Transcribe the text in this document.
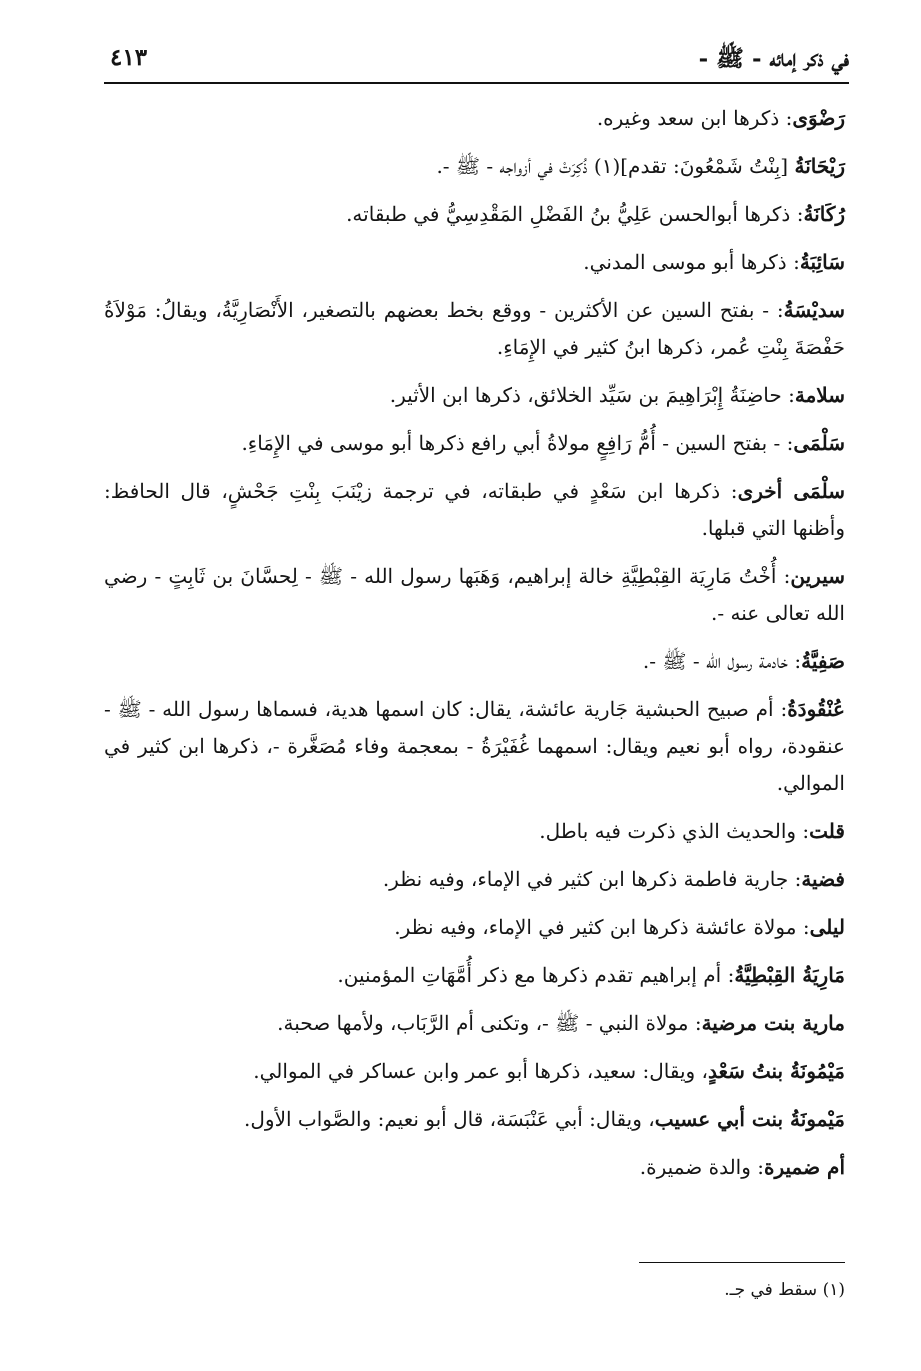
في ذكر إمائه - ﷺ -
٤١٣

رَضْوَى: ذكرها ابن سعد وغيره.

رَيْحَانَةُ [بِنْتُ شَمْعُونَ: تقدم](١) ذُكِرَتْ في أزواجه - ﷺ -.

رُكَانَةُ: ذكرها أبوالحسن عَلِيُّ بنُ الفَضْلِ المَقْدِسِيُّ في طبقاته.

سَائِبَةُ: ذكرها أبو موسى المدني.

سديْسَةُ: - بفتح السين عن الأكثرين - ووقع بخط بعضهم بالتصغير، الأَنْصَارِيَّةُ، ويقالُ: مَوْلاَةُ حَفْصَةَ بِنْتِ عُمر، ذكرها ابنُ كثير في الإِمَاءِ.

سلامة: حاضِنَةُ إِبْرَاهِيمَ بن سَيِّد الخلائق، ذكرها ابن الأثير.

سَلْمَى: - بفتح السين - أُمُّ رَافِعٍ مولاةُ أبي رافع ذكرها أبو موسى في الإِمَاءِ.

سلْمَى أخرى: ذكرها ابن سَعْدٍ في طبقاته، في ترجمة زيْنَبَ بِنْتِ جَحْشٍ، قال الحافظ: وأظنها التي قبلها.

سيرين: أُخْتُ مَارِيَة القِبْطِيَّةِ خالة إبراهيم، وَهَبَها رسول الله - ﷺ - لِحسَّانَ بن ثَابِتٍ - رضي الله تعالى عنه -.

صَفِيَّةُ: خادمة رسول الله - ﷺ -.

عُنْقُودَةُ: أم صبيح الحبشية جَارية عائشة، يقال: كان اسمها هدية، فسماها رسول الله - ﷺ - عنقودة، رواه أبو نعيم ويقال: اسمهما غُفَيْرَةُ - بمعجمة وفاء مُصَغَّرة -، ذكرها ابن كثير في الموالي.

قلت: والحديث الذي ذكرت فيه باطل.

فضية: جارية فاطمة ذكرها ابن كثير في الإماء، وفيه نظر.

ليلى: مولاة عائشة ذكرها ابن كثير في الإماء، وفيه نظر.

مَارِيَةُ القِبْطِيَّةُ: أم إبراهيم تقدم ذكرها مع ذكر أُمَّهَاتِ المؤمنين.

مارية بنت مرضية: مولاة النبي - ﷺ -، وتكنى أم الرَّبَاب، ولأمها صحبة.

مَيْمُونَةُ بنتُ سَعْدٍ، ويقال: سعيد، ذكرها أبو عمر وابن عساكر في الموالي.

مَيْمونَةُ بنت أبي عسيب، ويقال: أبي عَنْبَسَة، قال أبو نعيم: والصَّواب الأول.

أم ضميرة: والدة ضميرة.

(١) سقط في جـ.
